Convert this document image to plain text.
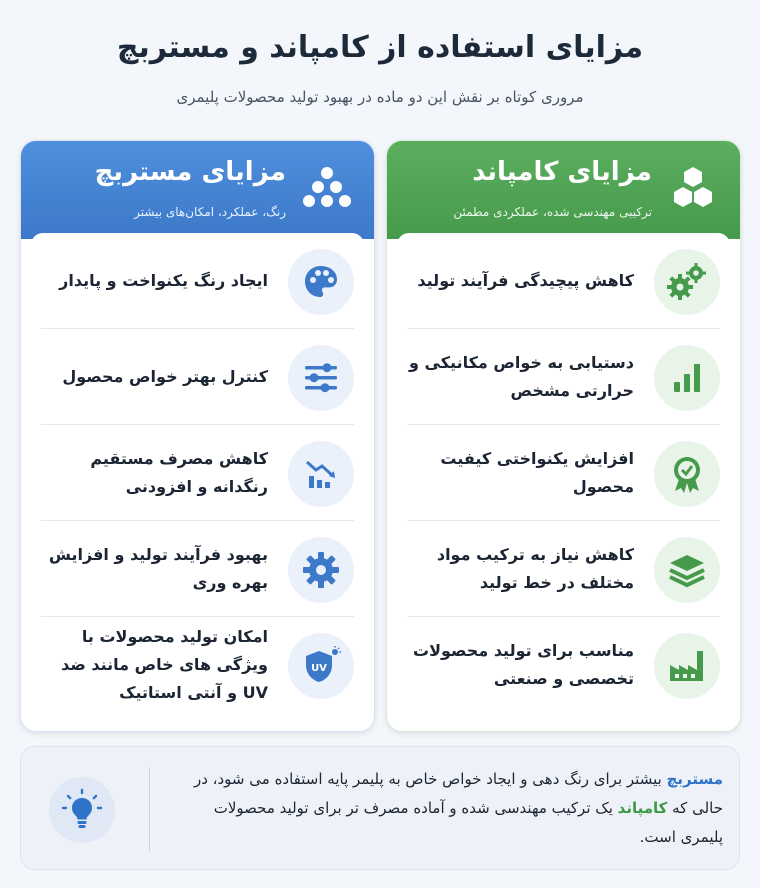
مزایای استفاده از کامپاند و مستربچ
مروری کوتاه بر نقش این دو ماده در بهبود تولید محصولات پلیمری
مزایای مستربچ
رنگ، عملکرد، امکان‌های بیشتر
ایجاد رنگ یکنواخت و پایدار
کنترل بهتر خواص محصول
کاهش مصرف مستقیم رنگدانه و افزودنی
بهبود فرآیند تولید و افزایش بهره وری
UV
امکان تولید محصولات با ویژگی های خاص مانند ضد UV و آنتی استاتیک
مزایای کامپاند
ترکیبی مهندسی شده، عملکردی مطمئن
کاهش پیچیدگی فرآیند تولید
دستیابی به خواص مکانیکی و حرارتی مشخص
افزایش یکنواختی کیفیت محصول
کاهش نیاز به ترکیب مواد مختلف در خط تولید
مناسب برای تولید محصولات تخصصی و صنعتی
مستربچ بیشتر برای رنگ دهی و ایجاد خواص خاص به پلیمر پایه استفاده می شود، در حالی که کامپاند یک ترکیب مهندسی شده و آماده مصرف تر برای تولید محصولات پلیمری است.
